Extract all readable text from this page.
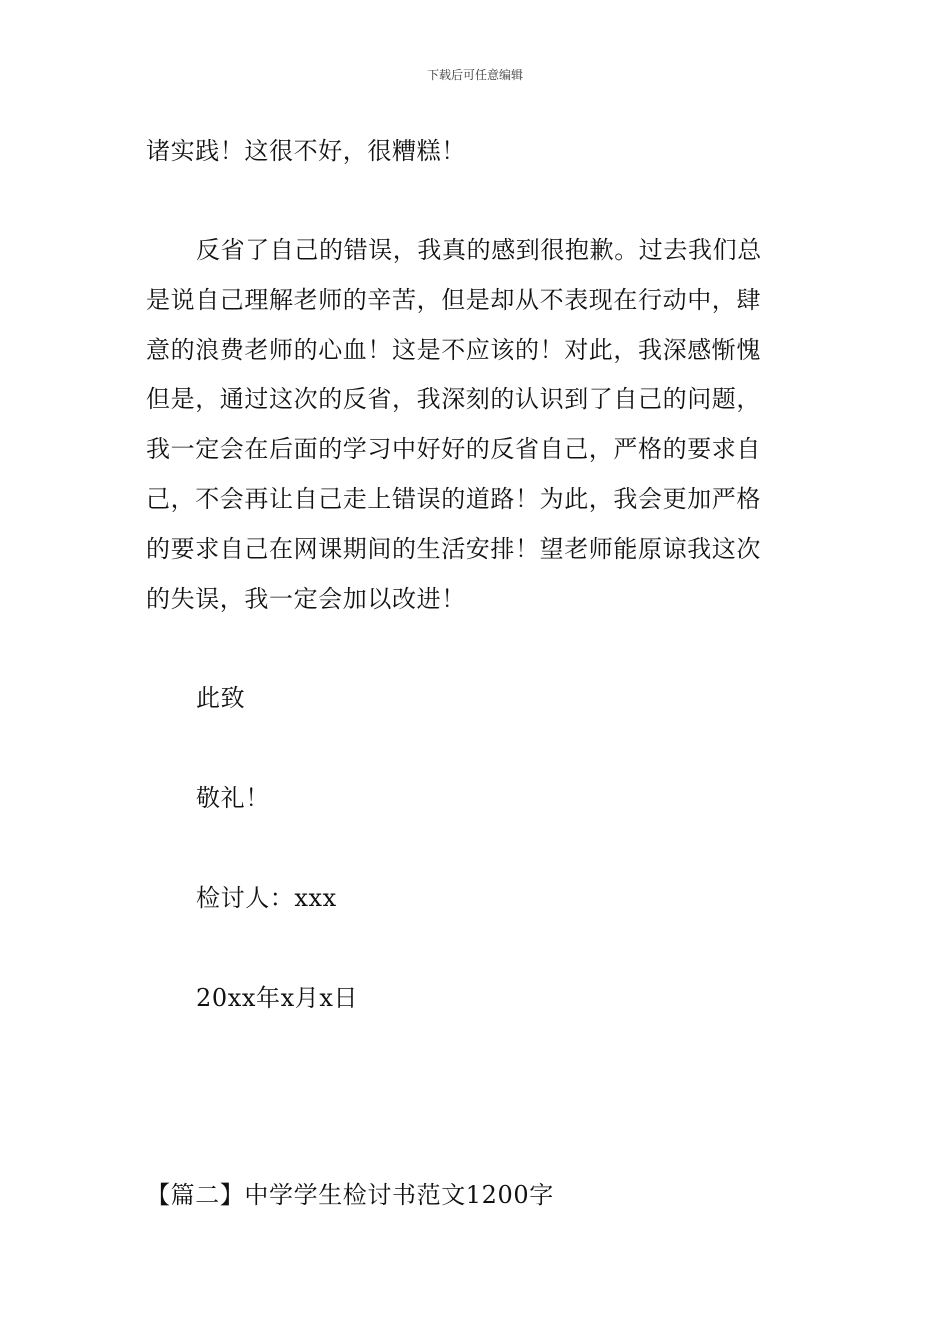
下载后可任意编辑
诸实践！这很不好，很糟糕！
反省了自己的错误，我真的感到很抱歉。过去我们总
是说自己理解老师的辛苦，但是却从不表现在行动中，肆
意的浪费老师的心血！这是不应该的！对此，我深感惭愧
但是，通过这次的反省，我深刻的认识到了自己的问题，
我一定会在后面的学习中好好的反省自己，严格的要求自
己，不会再让自己走上错误的道路！为此，我会更加严格
的要求自己在网课期间的生活安排！望老师能原谅我这次
的失误，我一定会加以改进！
此致
敬礼！
检讨人：xxx
20xx年x月x日
【篇二】中学学生检讨书范文1200字
